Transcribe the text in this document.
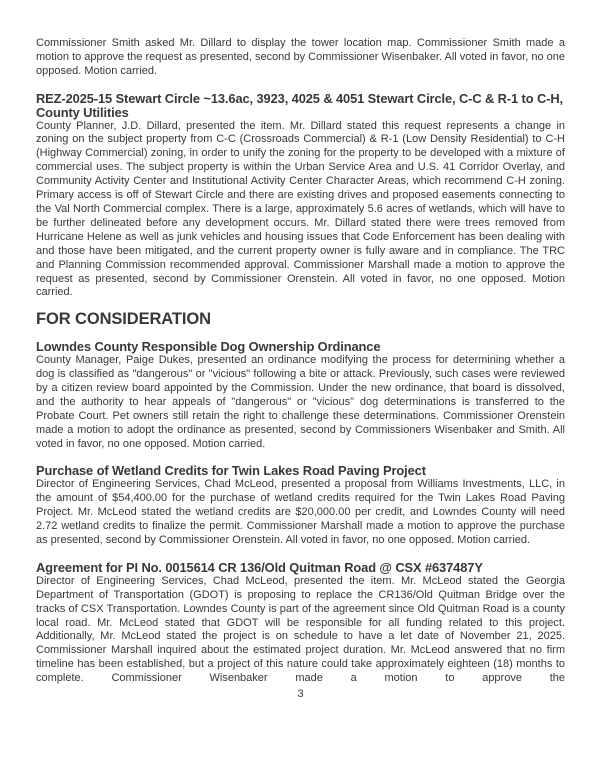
Commissioner Smith asked Mr. Dillard to display the tower location map. Commissioner Smith made a motion to approve the request as presented, second by Commissioner Wisenbaker. All voted in favor, no one opposed. Motion carried.

REZ-2025-15 Stewart Circle ~13.6ac, 3923, 4025 & 4051 Stewart Circle, C-C & R-1 to C-H, County Utilities

County Planner, J.D. Dillard, presented the item. Mr. Dillard stated this request represents a change in zoning on the subject property from C-C (Crossroads Commercial) & R-1 (Low Density Residential) to C-H (Highway Commercial) zoning, in order to unify the zoning for the property to be developed with a mixture of commercial uses. The subject property is within the Urban Service Area and U.S. 41 Corridor Overlay, and Community Activity Center and Institutional Activity Center Character Areas, which recommend C-H zoning. Primary access is off of Stewart Circle and there are existing drives and proposed easements connecting to the Val North Commercial complex. There is a large, approximately 5.6 acres of wetlands, which will have to be further delineated before any development occurs. Mr. Dillard stated there were trees removed from Hurricane Helene as well as junk vehicles and housing issues that Code Enforcement has been dealing with and those have been mitigated, and the current property owner is fully aware and in compliance. The TRC and Planning Commission recommended approval. Commissioner Marshall made a motion to approve the request as presented, second by Commissioner Orenstein. All voted in favor, no one opposed. Motion carried.

FOR CONSIDERATION
Lowndes County Responsible Dog Ownership Ordinance

County Manager, Paige Dukes, presented an ordinance modifying the process for determining whether a dog is classified as "dangerous" or "vicious" following a bite or attack. Previously, such cases were reviewed by a citizen review board appointed by the Commission. Under the new ordinance, that board is dissolved, and the authority to hear appeals of "dangerous" or "vicious" dog determinations is transferred to the Probate Court. Pet owners still retain the right to challenge these determinations. Commissioner Orenstein made a motion to adopt the ordinance as presented, second by Commissioners Wisenbaker and Smith. All voted in favor, no one opposed. Motion carried.

Purchase of Wetland Credits for Twin Lakes Road Paving Project

Director of Engineering Services, Chad McLeod, presented a proposal from Williams Investments, LLC, in the amount of $54,400.00 for the purchase of wetland credits required for the Twin Lakes Road Paving Project. Mr. McLeod stated the wetland credits are $20,000.00 per credit, and Lowndes County will need 2.72 wetland credits to finalize the permit. Commissioner Marshall made a motion to approve the purchase as presented, second by Commissioner Orenstein. All voted in favor, no one opposed. Motion carried.

Agreement for PI No. 0015614 CR 136/Old Quitman Road @ CSX #637487Y

Director of Engineering Services, Chad McLeod, presented the item. Mr. McLeod stated the Georgia Department of Transportation (GDOT) is proposing to replace the CR136/Old Quitman Bridge over the tracks of CSX Transportation. Lowndes County is part of the agreement since Old Quitman Road is a county local road. Mr. McLeod stated that GDOT will be responsible for all funding related to this project. Additionally, Mr. McLeod stated the project is on schedule to have a let date of November 21, 2025. Commissioner Marshall inquired about the estimated project duration. Mr. McLeod answered that no firm timeline has been established, but a project of this nature could take approximately eighteen (18) months to complete. Commissioner Wisenbaker made a motion to approve the

3
